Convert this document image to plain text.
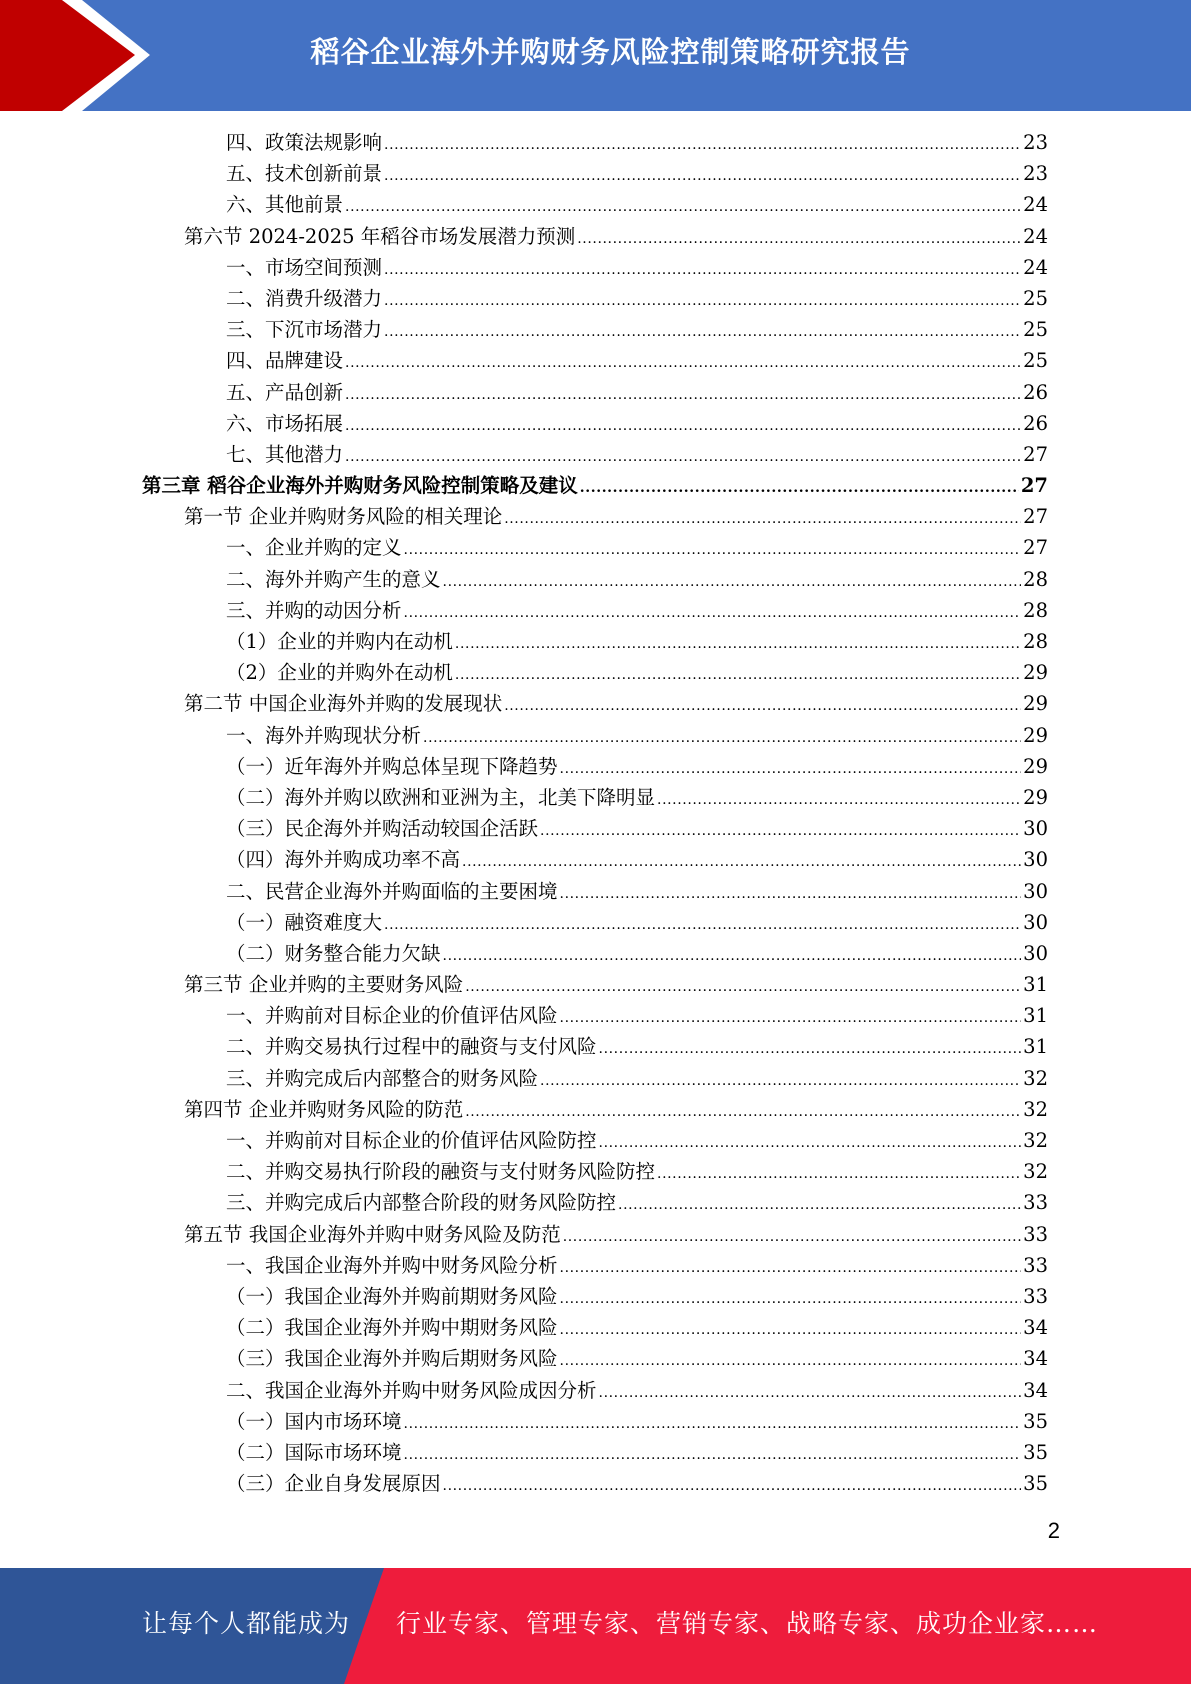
稻谷企业海外并购财务风险控制策略研究报告
四、政策法规影响 .....	23
五、技术创新前景 .....	23
六、其他前景 .....	24
第六节 2024-2025 年稻谷市场发展潜力预测 .....	24
一、市场空间预测 .....	24
二、消费升级潜力 .....	25
三、下沉市场潜力 .....	25
四、品牌建设 .....	25
五、产品创新 .....	26
六、市场拓展 .....	26
七、其他潜力 .....	27
第三章 稻谷企业海外并购财务风险控制策略及建议 .....	27
第一节 企业并购财务风险的相关理论 .....	27
一、企业并购的定义 .....	27
二、海外并购产生的意义 .....	28
三、并购的动因分析 .....	28
（1）企业的并购内在动机 .....	28
（2）企业的并购外在动机 .....	29
第二节 中国企业海外并购的发展现状 .....	29
一、海外并购现状分析 .....	29
（一）近年海外并购总体呈现下降趋势 .....	29
（二）海外并购以欧洲和亚洲为主，北美下降明显 .....	29
（三）民企海外并购活动较国企活跃 .....	30
（四）海外并购成功率不高 .....	30
二、民营企业海外并购面临的主要困境 .....	30
（一）融资难度大 .....	30
（二）财务整合能力欠缺 .....	30
第三节 企业并购的主要财务风险 .....	31
一、并购前对目标企业的价值评估风险 .....	31
二、并购交易执行过程中的融资与支付风险 .....	31
三、并购完成后内部整合的财务风险 .....	32
第四节 企业并购财务风险的防范 .....	32
一、并购前对目标企业的价值评估风险防控 .....	32
二、并购交易执行阶段的融资与支付财务风险防控 .....	32
三、并购完成后内部整合阶段的财务风险防控 .....	33
第五节 我国企业海外并购中财务风险及防范 .....	33
一、我国企业海外并购中财务风险分析 .....	33
（一）我国企业海外并购前期财务风险 .....	33
（二）我国企业海外并购中期财务风险 .....	34
（三）我国企业海外并购后期财务风险 .....	34
二、我国企业海外并购中财务风险成因分析 .....	34
（一）国内市场环境 .....	35
（二）国际市场环境 .....	35
（三）企业自身发展原因 .....	35
2
让每个人都能成为 行业专家、管理专家、营销专家、战略专家、成功企业家……
